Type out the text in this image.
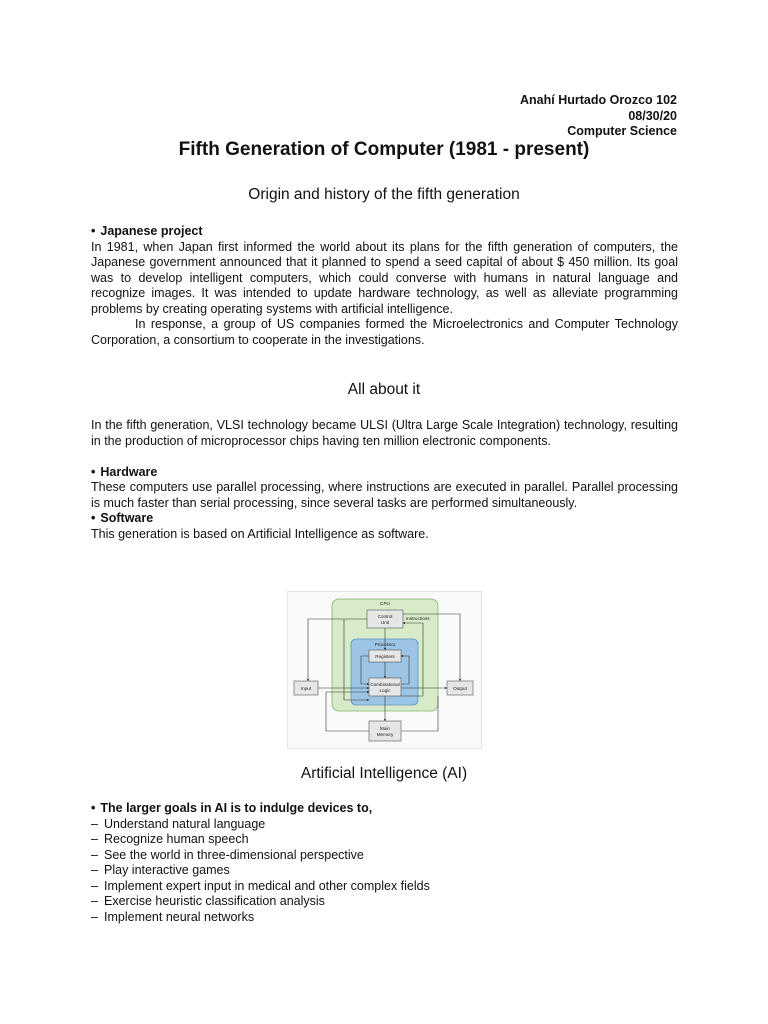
Anahí Hurtado Orozco 102
08/30/20
Computer Science
Fifth Generation of Computer (1981 - present)
Origin and history of the fifth generation
• Japanese project

In 1981, when Japan first informed the world about its plans for the fifth generation of computers, the Japanese government announced that it planned to spend a seed capital of about $ 450 million. Its goal was to develop intelligent computers, which could converse with humans in natural language and recognize images. It was intended to update hardware technology, as well as alleviate programming problems by creating operating systems with artificial intelligence.

In response, a group of US companies formed the Microelectronics and Computer Technology Corporation, a consortium to cooperate in the investigations.

All about it

In the fifth generation, VLSI technology became ULSI (Ultra Large Scale Integration) technology, resulting in the production of microprocessor chips having ten million electronic components.

• Hardware

These computers use parallel processing, where instructions are executed in parallel. Parallel processing is much faster than serial processing, since several tasks are performed simultaneously.

• Software

This generation is based on Artificial Intelligence as software.

CPU
Processor
Control
Unit
Instructions
Registers
Combinational
Logic
Input	Output
Main
Memory
Artificial Intelligence (AI)
• The larger goals in AI is to indulge devices to,
– Understand natural language
– Recognize human speech
– See the world in three-dimensional perspective
– Play interactive games
– Implement expert input in medical and other complex fields
– Exercise heuristic classification analysis
– Implement neural networks
